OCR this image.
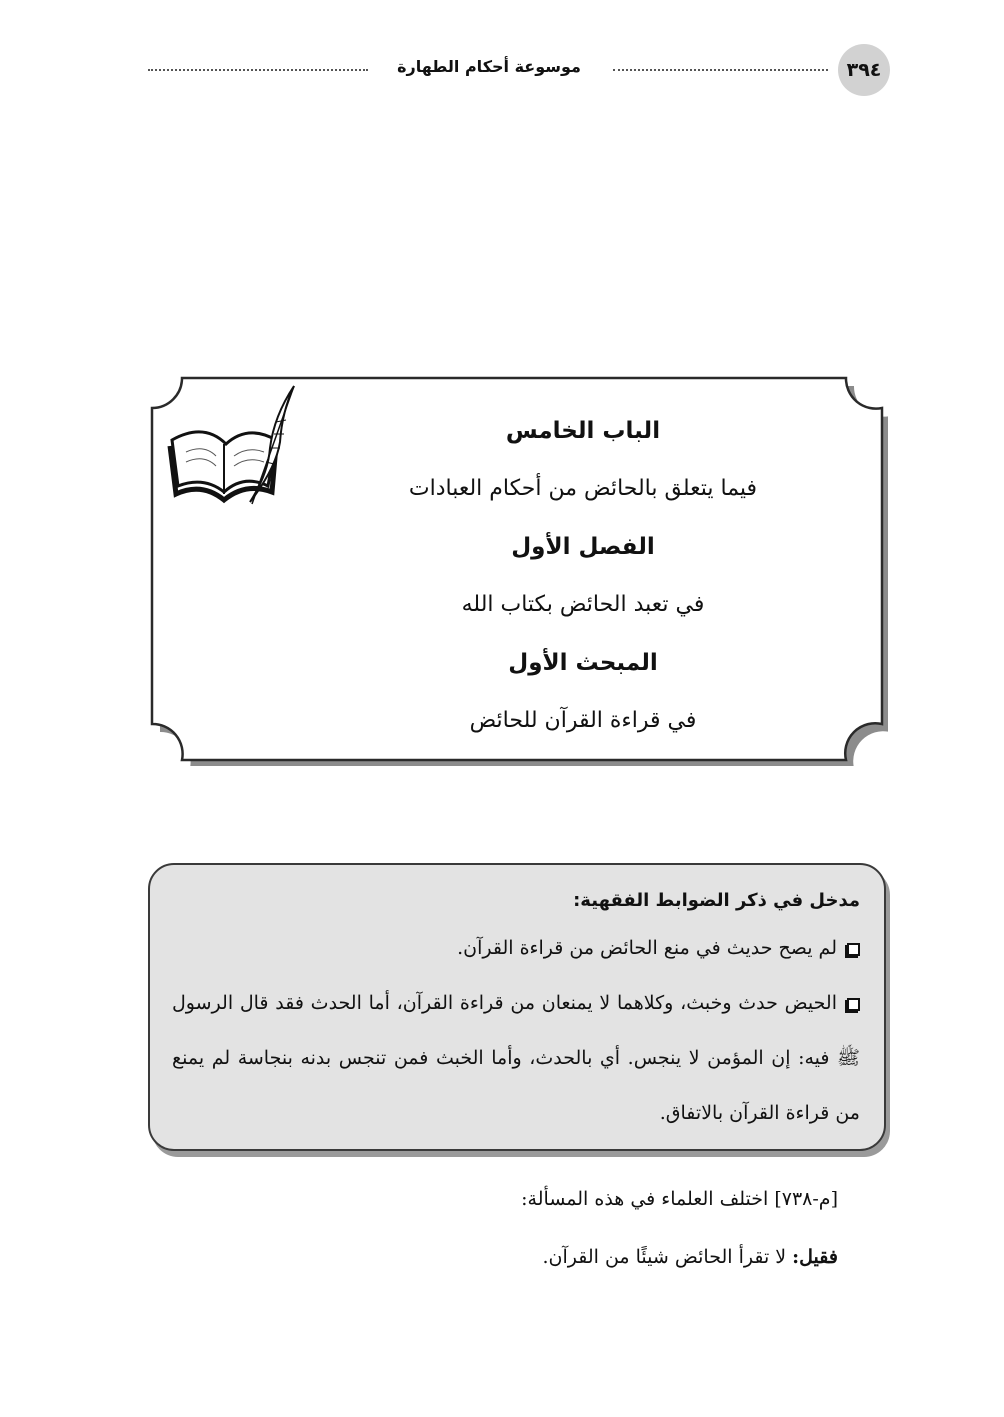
٣٩٤
موسوعة أحكام الطهارة
الباب الخامس
فيما يتعلق بالحائض من أحكام العبادات
الفصل الأول
في تعبد الحائض بكتاب الله
المبحث الأول
في قراءة القرآن للحائض
مدخل في ذكر الضوابط الفقهية:
لم يصح حديث في منع الحائض من قراءة القرآن.
الحيض حدث وخبث، وكلاهما لا يمنعان من قراءة القرآن، أما الحدث فقد قال الرسول ﷺ فيه: إن المؤمن لا ينجس. أي بالحدث، وأما الخبث فمن تنجس بدنه بنجاسة لم يمنع من قراءة القرآن بالاتفاق.

[م-٧٣٨] اختلف العلماء في هذه المسألة:

فقيل: لا تقرأ الحائض شيئًا من القرآن.
